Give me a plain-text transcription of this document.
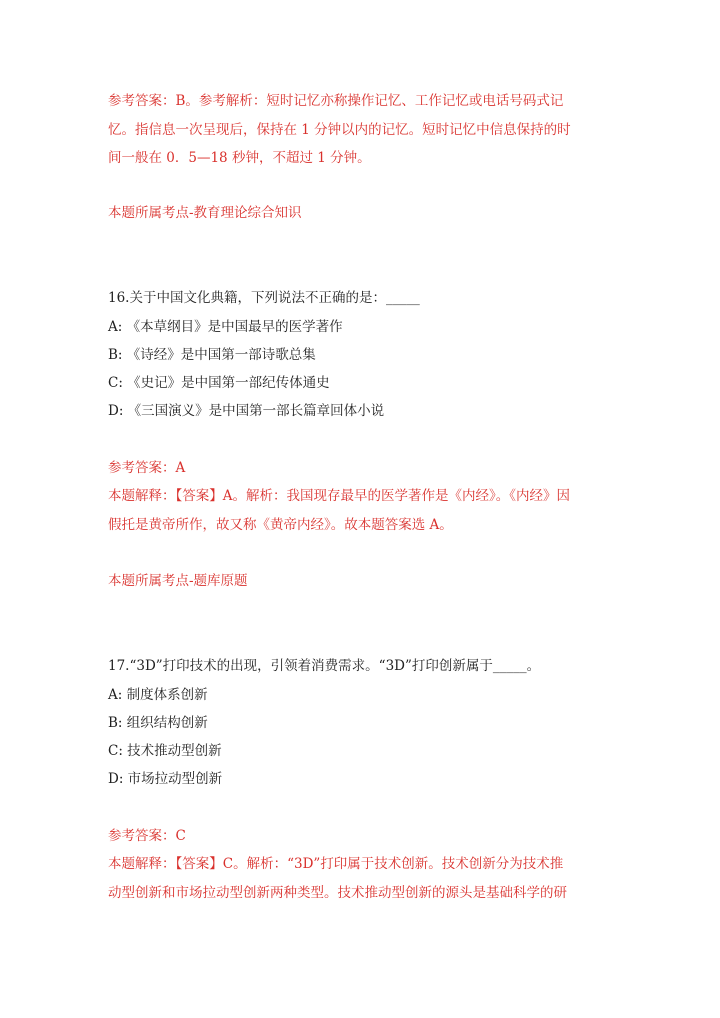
参考答案：B。参考解析：短时记忆亦称操作记忆、工作记忆或电话号码式记
忆。指信息一次呈现后，保持在 1 分钟以内的记忆。短时记忆中信息保持的时
间一般在 0．5—18 秒钟，不超过 1 分钟。
本题所属考点-教育理论综合知识
16.关于中国文化典籍，下列说法不正确的是：_____
A: 《本草纲目》是中国最早的医学著作
B: 《诗经》是中国第一部诗歌总集
C: 《史记》是中国第一部纪传体通史
D: 《三国演义》是中国第一部长篇章回体小说
参考答案：A
本题解释：【答案】A。解析：我国现存最早的医学著作是《内经》。《内经》因
假托是黄帝所作，故又称《黄帝内经》。故本题答案选 A。
本题所属考点-题库原题
17.“3D”打印技术的出现，引领着消费需求。“3D”打印创新属于_____。
A: 制度体系创新
B: 组织结构创新
C: 技术推动型创新
D: 市场拉动型创新
参考答案：C
本题解释：【答案】C。解析：“3D”打印属于技术创新。技术创新分为技术推
动型创新和市场拉动型创新两种类型。技术推动型创新的源头是基础科学的研
